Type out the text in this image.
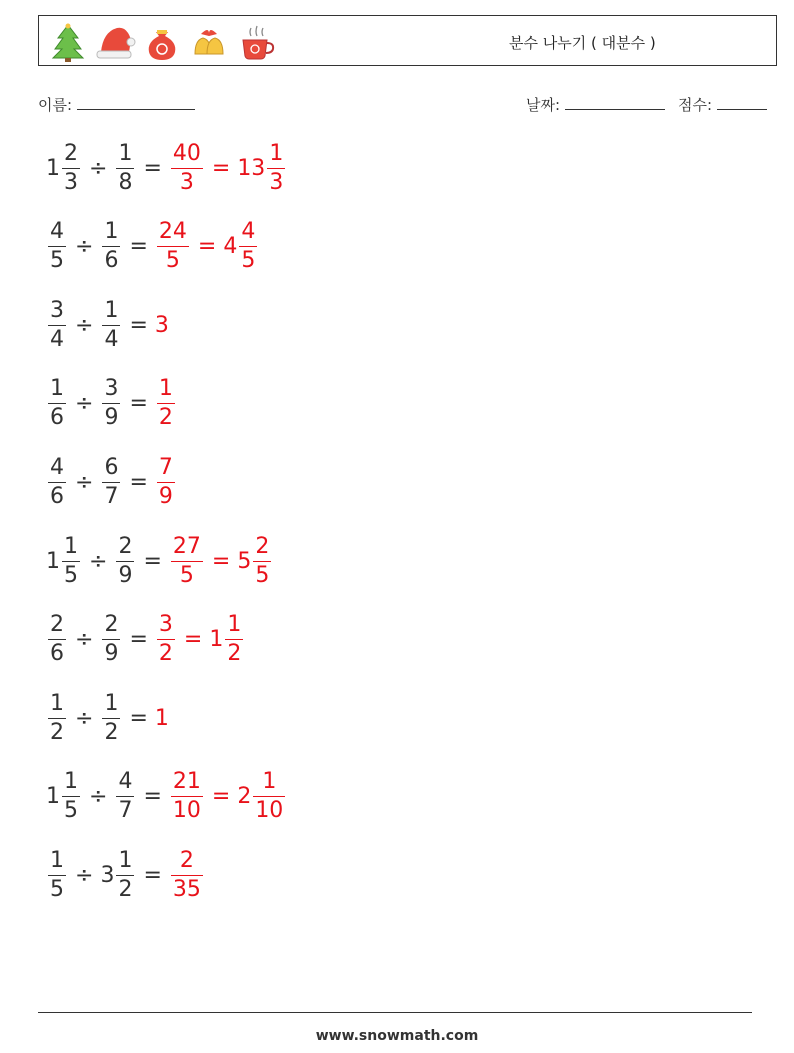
분수 나누기 ( 대분수 )
이름:	날짜:	점수:
$1 \frac{2}{3} \div \frac{1}{8} = \frac{40}{3} = 13 \frac{1}{3}$
$\frac{4}{5} \div \frac{1}{6} = \frac{24}{5} = 4 \frac{4}{5}$
$\frac{3}{4} \div \frac{1}{4} = 3$
$\frac{1}{6} \div \frac{3}{9} = \frac{1}{2}$
$\frac{4}{6} \div \frac{6}{7} = \frac{7}{9}$
$1 \frac{1}{5} \div \frac{2}{9} = \frac{27}{5} = 5 \frac{2}{5}$
$\frac{2}{6} \div \frac{2}{9} = \frac{3}{2} = 1 \frac{1}{2}$
$\frac{1}{2} \div \frac{1}{2} = 1$
$1 \frac{1}{5} \div \frac{4}{7} = \frac{21}{10} = 2 \frac{1}{10}$
$\frac{1}{5} \div 3 \frac{1}{2} = \frac{2}{35}$
www.snowmath.com
